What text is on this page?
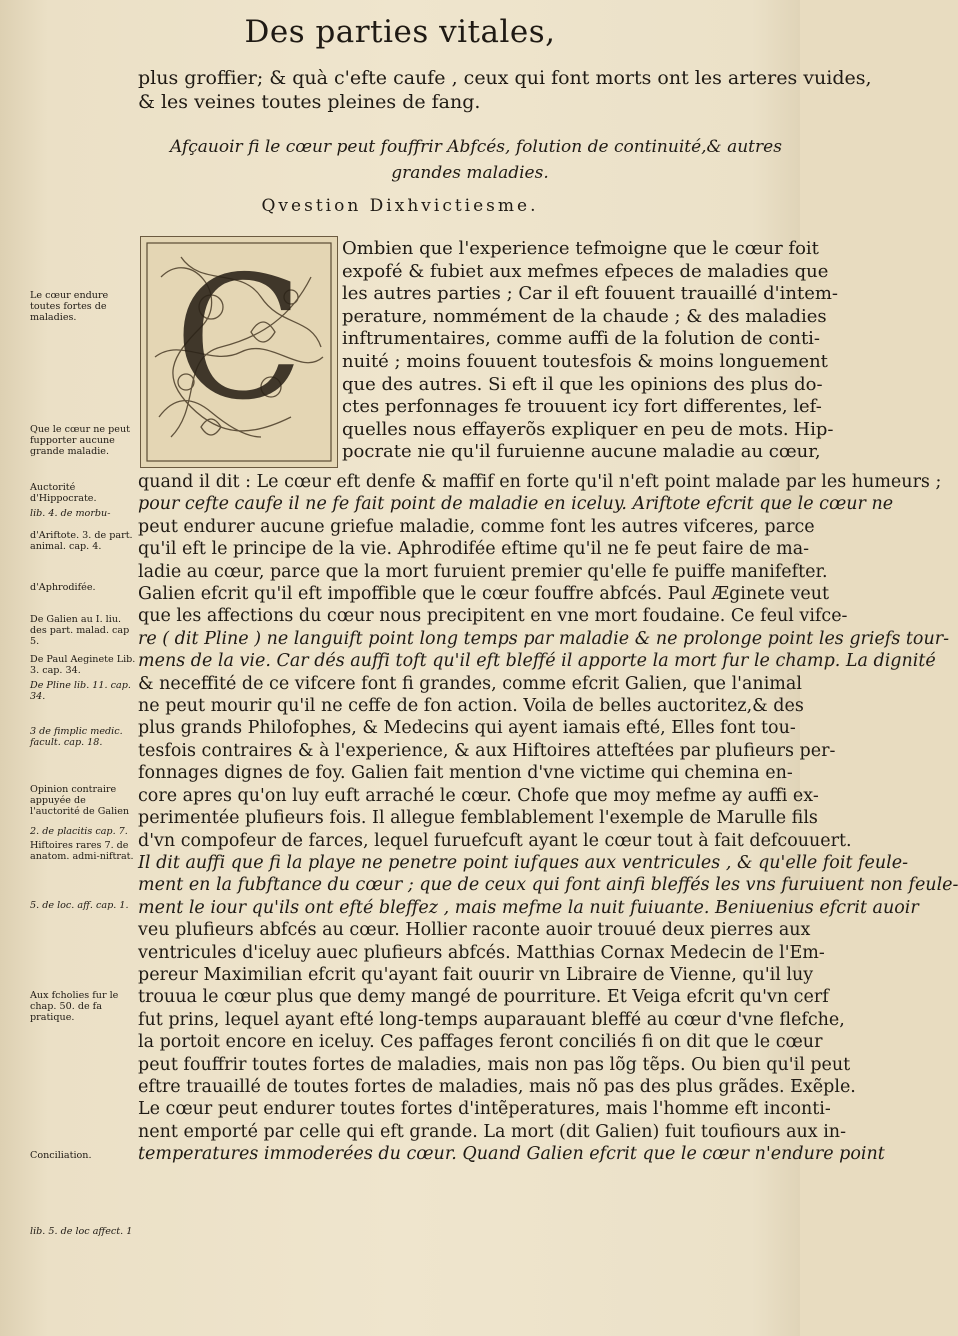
Des parties vitales,
plus groffier; & quà c'efte caufe , ceux qui font morts ont les arteres vuides,
& les veines toutes pleines de fang.
Afçauoir fi le cœur peut fouffrir Abfcés, folution de continuité,& autres
grandes maladies.
Qvestion Dixhvictiesme.
C Ombien que l'experience tefmoigne que le cœur foit
expofé & fubiet aux mefmes efpeces de maladies que
les autres parties ; Car il eft fouuent trauaillé d'intem-
perature, nommément de la chaude ; & des maladies
inftrumentaires, comme auffi de la folution de conti-
nuité ; moins fouuent toutesfois & moins longuement
que des autres. Si eft il que les opinions des plus do-
ctes perfonnages fe trouuent icy fort differentes, lef-
quelles nous effayerõs expliquer en peu de mots. Hip-
pocrate nie qu'il furuienne aucune maladie au cœur,
quand il dit : Le cœur eft denfe & maffif en forte qu'il n'eft point malade par les humeurs ;
pour cefte caufe il ne fe fait point de maladie en iceluy. Ariftote efcrit que le cœur ne
peut endurer aucune griefue maladie, comme font les autres vifceres, parce
qu'il eft le principe de la vie. Aphrodifée eftime qu'il ne fe peut faire de ma-
ladie au cœur, parce que la mort furuient premier qu'elle fe puiffe manifefter.
Galien efcrit qu'il eft impoffible que le cœur fouffre abfcés. Paul Æginete veut
que les affections du cœur nous precipitent en vne mort foudaine. Ce feul vifce-
re ( dit Pline ) ne languift point long temps par maladie & ne prolonge point les griefs tour-
mens de la vie. Car dés auffi toft qu'il eft bleffé il apporte la mort fur le champ. La dignité
& neceffité de ce vifcere font fi grandes, comme efcrit Galien, que l'animal
ne peut mourir qu'il ne ceffe de fon action. Voila de belles auctoritez,& des
plus grands Philofophes, & Medecins qui ayent iamais efté, Elles font tou-
tesfois contraires & à l'experience, & aux Hiftoires atteftées par plufieurs per-
fonnages dignes de foy. Galien fait mention d'vne victime qui chemina en-
core apres qu'on luy euft arraché le cœur. Chofe que moy mefme ay auffi ex-
perimentée plufieurs fois. Il allegue femblablement l'exemple de Marulle fils
d'vn compofeur de farces, lequel furuefcuft ayant le cœur tout à fait defcouuert.
Il dit auffi que fi la playe ne penetre point iufques aux ventricules , & qu'elle foit feule-
ment en la fubftance du cœur ; que de ceux qui font ainfi bleffés les vns furuiuent non feule-
ment le iour qu'ils ont efté bleffez , mais mefme la nuit fuiuante. Beniuenius efcrit auoir
veu plufieurs abfcés au cœur. Hollier raconte auoir trouué deux pierres aux
ventricules d'iceluy auec plufieurs abfcés. Matthias Cornax Medecin de l'Em-
pereur Maximilian efcrit qu'ayant fait ouurir vn Libraire de Vienne, qu'il luy
trouua le cœur plus que demy mangé de pourriture. Et Veiga efcrit qu'vn cerf
fut prins, lequel ayant efté long-temps auparauant bleffé au cœur d'vne flefche,
la portoit encore en iceluy. Ces paffages feront conciliés fi on dit que le cœur
peut fouffrir toutes fortes de maladies, mais non pas lõg tẽps. Ou bien qu'il peut
eftre trauaillé de toutes fortes de maladies, mais nõ pas des plus grãdes. Exẽple.
Le cœur peut endurer toutes fortes d'intẽperatures, mais l'homme eft inconti-
nent emporté par celle qui eft grande. La mort (dit Galien) fuit toufiours aux in-
temperatures immoderées du cœur. Quand Galien efcrit que le cœur n'endure point
Le cœur endure toutes fortes de maladies.
Que le cœur ne peut fupporter aucune grande maladie.
Auctorité d'Hippocrate.
lib. 4. de morbu-
d'Ariftote. 3. de part. animal. cap. 4.
d'Aphrodifée.
De Galien au I. liu. des part. malad. cap 5.
De Paul Aeginete Lib. 3. cap. 34.
De Pline lib. 11. cap. 34.
3 de fimplic medic. facult. cap. 18.
Opinion contraire appuyée de l'auctorité de Galien
2. de placitis cap. 7.
Hiftoires rares 7. de anatom. admi-niftrat.
5. de loc. aff. cap. 1.
Aux fcholies fur le chap. 50. de fa pratique.
Conciliation.
lib. 5. de loc affect. 1
